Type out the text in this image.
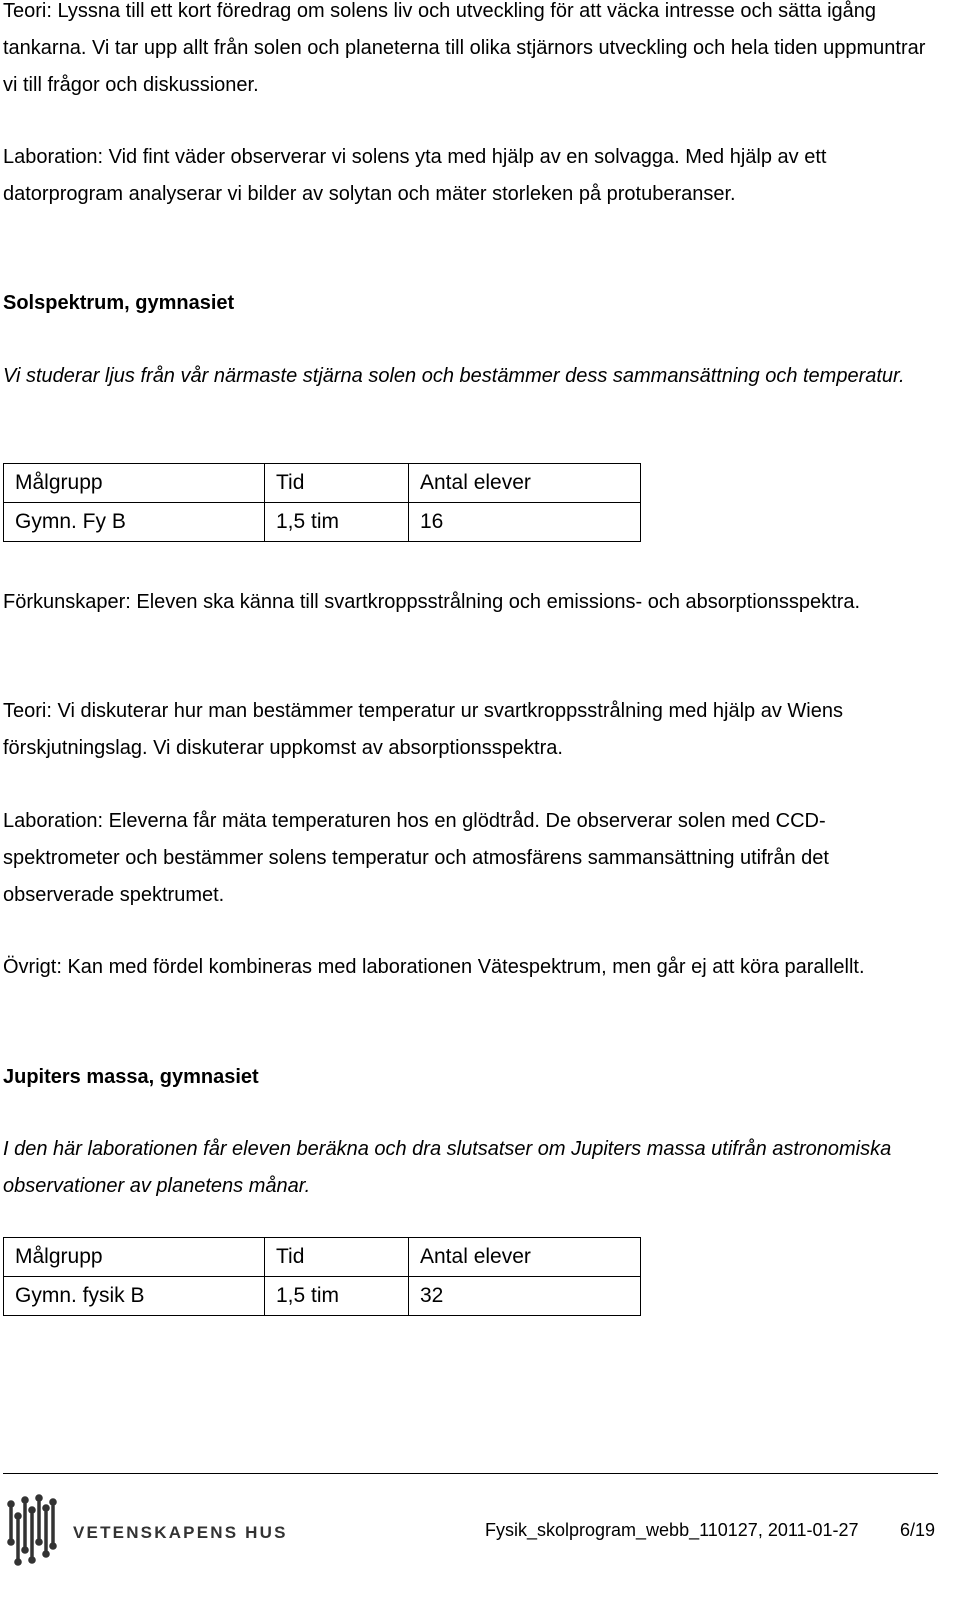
Teori: Lyssna till ett kort föredrag om solens liv och utveckling för att väcka intresse och sätta igång tankarna. Vi tar upp allt från solen och planeterna till olika stjärnors utveckling och hela tiden uppmuntrar vi till frågor och diskussioner.

Laboration: Vid fint väder observerar vi solens yta med hjälp av en solvagga. Med hjälp av ett datorprogram analyserar vi bilder av solytan och mäter storleken på protuberanser.

Solspektrum, gymnasiet

Vi studerar ljus från vår närmaste stjärna solen och bestämmer dess sammansättning och temperatur.

Målgrupp	Tid	Antal elever
Gymn. Fy B	1,5 tim	16

Förkunskaper: Eleven ska känna till svartkroppsstrålning och emissions- och absorptionsspektra.

Teori: Vi diskuterar hur man bestämmer temperatur ur svartkroppsstrålning med hjälp av Wiens förskjutningslag. Vi diskuterar uppkomst av absorptionsspektra.

Laboration: Eleverna får mäta temperaturen hos en glödtråd. De observerar solen med CCD-spektrometer och bestämmer solens temperatur och atmosfärens sammansättning utifrån det observerade spektrumet.

Övrigt: Kan med fördel kombineras med laborationen Vätespektrum, men går ej att köra parallellt.

Jupiters massa, gymnasiet

I den här laborationen får eleven beräkna och dra slutsatser om Jupiters massa utifrån astronomiska observationer av planetens månar.

Målgrupp	Tid	Antal elever
Gymn. fysik B	1,5 tim	32
VETENSKAPENS HUS	Fysik_skolprogram_webb_110127, 2011-01-27 6/19
